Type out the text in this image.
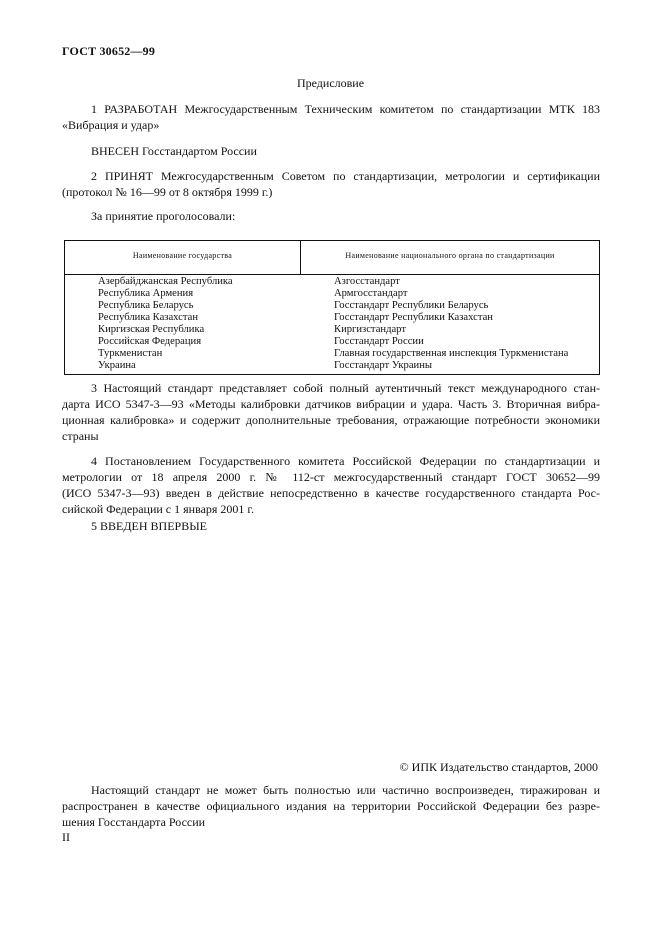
ГОСТ 30652—99
Предисловие
1 РАЗРАБОТАН Межгосударственным Техническим комитетом по стандартизации МТК 183
«Вибрация и удар»
ВНЕСЕН Госстандартом России
2 ПРИНЯТ Межгосударственным Советом по стандартизации, метрологии и сертификации
(протокол № 16—99 от 8 октября 1999 г.)
За принятие проголосовали:
Наименование государства	Наименование национального органа по стандартизации
Азербайджанская Республика	Азгосстандарт
Республика Армения	Армгосстандарт
Республика Беларусь	Госстандарт Республики Беларусь
Республика Казахстан	Госстандарт Республики Казахстан
Киргизская Республика	Киргизстандарт
Российская Федерация	Госстандарт России
Туркменистан	Главная государственная инспекция Туркменистана
Украина	Госстандарт Украины
3 Настоящий стандарт представляет собой полный аутентичный текст международного стан-
дарта ИСО 5347-3—93 «Методы калибровки датчиков вибрации и удара. Часть 3. Вторичная вибра-
ционная калибровка» и содержит дополнительные требования, отражающие потребности экономики
страны
4 Постановлением Государственного комитета Российской Федерации по стандартизации и
метрологии от 18 апреля 2000 г. № 112-ст межгосударственный стандарт ГОСТ 30652—99
(ИСО 5347-3—93) введен в действие непосредственно в качестве государственного стандарта Рос-
сийской Федерации с 1 января 2001 г.
5 ВВЕДЕН ВПЕРВЫЕ
© ИПК Издательство стандартов, 2000
Настоящий стандарт не может быть полностью или частично воспроизведен, тиражирован и
распространен в качестве официального издания на территории Российской Федерации без разре-
шения Госстандарта России
II
